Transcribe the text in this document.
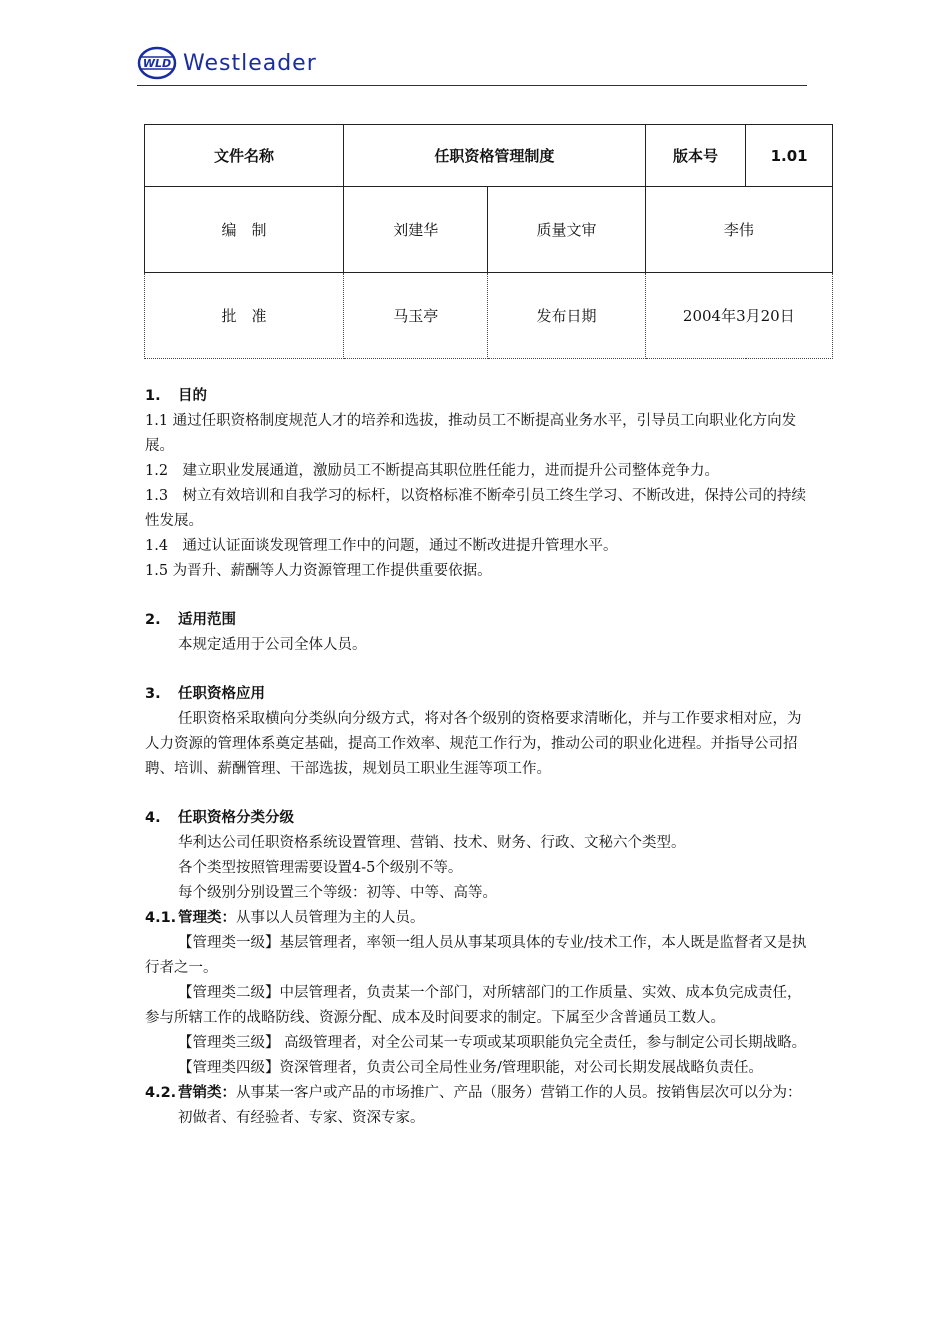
WLD Westleader
文件名称	任职资格管理制度		版本号	1.01
编　制	刘建华	质量文审	李伟	
批　准	马玉亭	发布日期	2004年3月20日	

1. 目的

1.1 通过任职资格制度规范人才的培养和选拔，推动员工不断提高业务水平，引导员工向职业化方向发展。

1.2　建立职业发展通道，激励员工不断提高其职位胜任能力，进而提升公司整体竞争力。

1.3　树立有效培训和自我学习的标杆，以资格标准不断牵引员工终生学习、不断改进，保持公司的持续性发展。

1.4　通过认证面谈发现管理工作中的问题，通过不断改进提升管理水平。

1.5 为晋升、薪酬等人力资源管理工作提供重要依据。

2. 适用范围

本规定适用于公司全体人员。

3. 任职资格应用

任职资格采取横向分类纵向分级方式，将对各个级别的资格要求清晰化，并与工作要求相对应，为人力资源的管理体系奠定基础，提高工作效率、规范工作行为，推动公司的职业化进程。并指导公司招聘、培训、薪酬管理、干部选拔，规划员工职业生涯等项工作。

4. 任职资格分类分级

华利达公司任职资格系统设置管理、营销、技术、财务、行政、文秘六个类型。

各个类型按照管理需要设置4-5个级别不等。

每个级别分别设置三个等级：初等、中等、高等。

4.1. 管理类：从事以人员管理为主的人员。

【管理类一级】基层管理者，率领一组人员从事某项具体的专业/技术工作，本人既是监督者又是执行者之一。

【管理类二级】中层管理者，负责某一个部门，对所辖部门的工作质量、实效、成本负完成责任，参与所辖工作的战略防线、资源分配、成本及时间要求的制定。下属至少含普通员工数人。

【管理类三级】 高级管理者，对全公司某一专项或某项职能负完全责任，参与制定公司长期战略。

【管理类四级】资深管理者，负责公司全局性业务/管理职能，对公司长期发展战略负责任。

4.2. 营销类：从事某一客户或产品的市场推广、产品（服务）营销工作的人员。按销售层次可以分为：初做者、有经验者、专家、资深专家。
